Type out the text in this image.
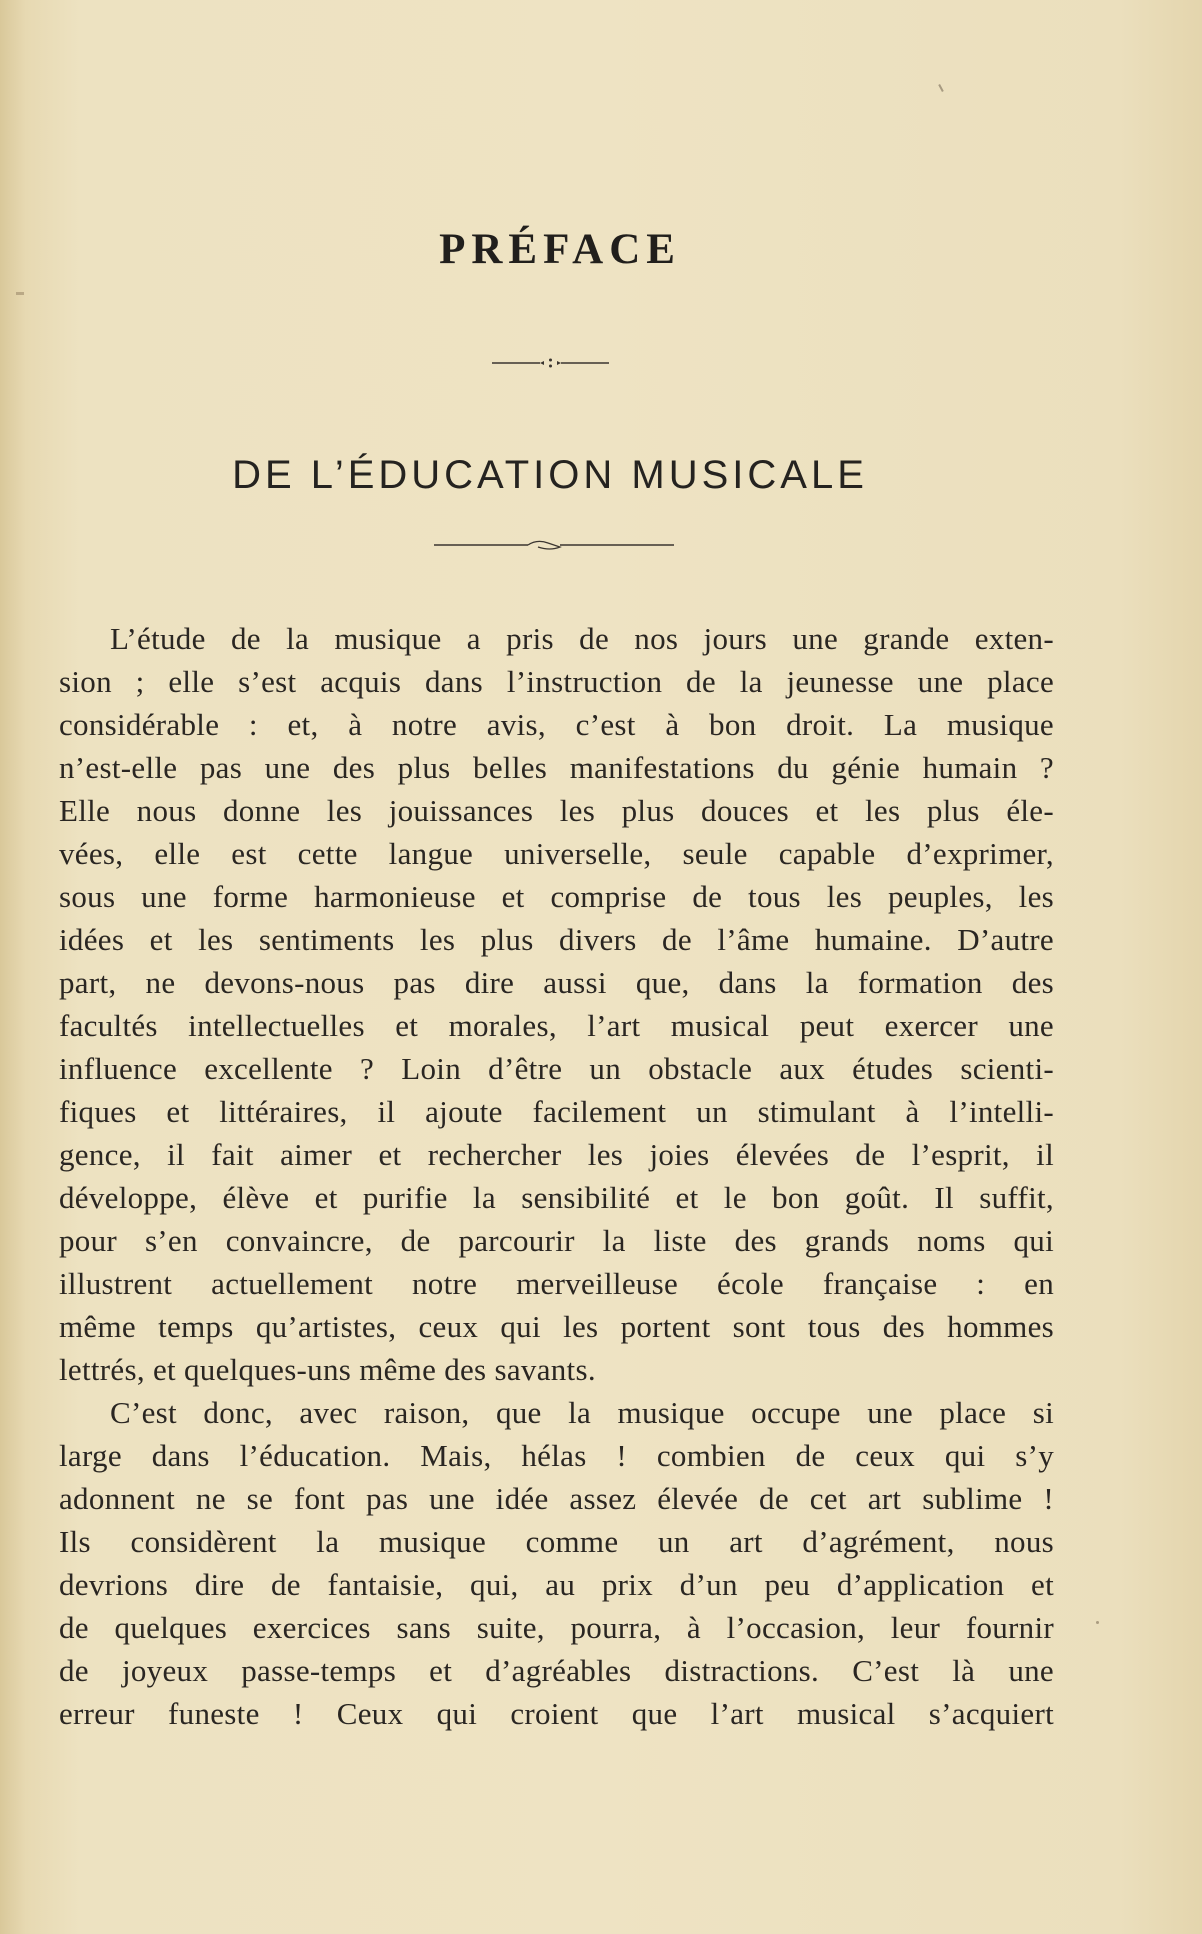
PRÉFACE
DE L’ÉDUCATION MUSICALE
L’étude de la musique a pris de nos jours une grande exten-
sion ; elle s’est acquis dans l’instruction de la jeunesse une place
considérable : et, à notre avis, c’est à bon droit. La musique
n’est-elle pas une des plus belles manifestations du génie humain ?
Elle nous donne les jouissances les plus douces et les plus éle-
vées, elle est cette langue universelle, seule capable d’exprimer,
sous une forme harmonieuse et comprise de tous les peuples, les
idées et les sentiments les plus divers de l’âme humaine. D’autre
part, ne devons-nous pas dire aussi que, dans la formation des
facultés intellectuelles et morales, l’art musical peut exercer une
influence excellente ? Loin d’être un obstacle aux études scienti-
fiques et littéraires, il ajoute facilement un stimulant à l’intelli-
gence, il fait aimer et rechercher les joies élevées de l’esprit, il
développe, élève et purifie la sensibilité et le bon goût. Il suffit,
pour s’en convaincre, de parcourir la liste des grands noms qui
illustrent actuellement notre merveilleuse école française : en
même temps qu’artistes, ceux qui les portent sont tous des hommes
lettrés, et quelques-uns même des savants.
C’est donc, avec raison, que la musique occupe une place si
large dans l’éducation. Mais, hélas ! combien de ceux qui s’y
adonnent ne se font pas une idée assez élevée de cet art sublime !
Ils considèrent la musique comme un art d’agrément, nous
devrions dire de fantaisie, qui, au prix d’un peu d’application et
de quelques exercices sans suite, pourra, à l’occasion, leur fournir
de joyeux passe-temps et d’agréables distractions. C’est là une
erreur funeste ! Ceux qui croient que l’art musical s’acquiert
